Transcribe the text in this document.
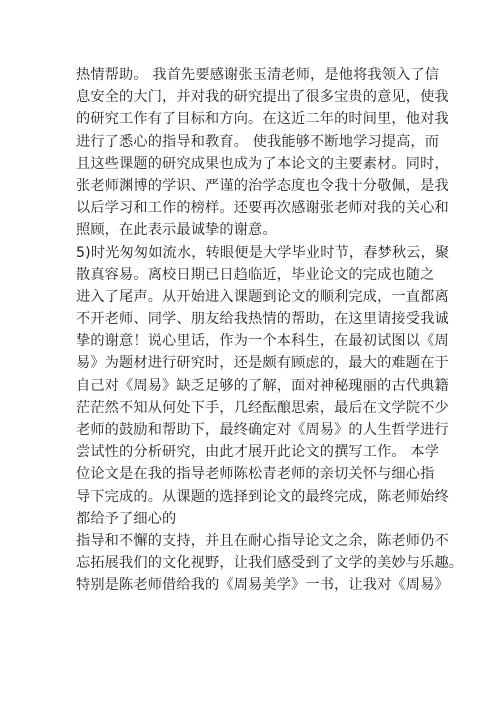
热情帮助。 我首先要感谢张玉清老师，是他将我领入了信
息安全的大门，并对我的研究提出了很多宝贵的意见，使我
的研究工作有了目标和方向。在这近二年的时间里，他对我
进行了悉心的指导和教育。 使我能够不断地学习提高，而
且这些课题的研究成果也成为了本论文的主要素材。同时，
张老师渊博的学识、严谨的治学态度也令我十分敬佩，是我
以后学习和工作的榜样。还要再次感谢张老师对我的关心和
照顾，在此表示最诚挚的谢意。
5)时光匆匆如流水，转眼便是大学毕业时节，春梦秋云，聚
散真容易。离校日期已日趋临近，毕业论文的完成也随之
进入了尾声。从开始进入课题到论文的顺利完成，一直都离
不开老师、同学、朋友给我热情的帮助，在这里请接受我诚
挚的谢意！说心里话，作为一个本科生，在最初试图以《周
易》为题材进行研究时，还是颇有顾虑的，最大的难题在于
自己对《周易》缺乏足够的了解，面对神秘瑰丽的古代典籍
茫茫然不知从何处下手，几经酝酿思索，最后在文学院不少
老师的鼓励和帮助下，最终确定对《周易》的人生哲学进行
尝试性的分析研究，由此才展开此论文的撰写工作。 本学
位论文是在我的指导老师陈松青老师的亲切关怀与细心指
导下完成的。从课题的选择到论文的最终完成，陈老师始终
都给予了细心的
指导和不懈的支持，并且在耐心指导论文之余，陈老师仍不
忘拓展我们的文化视野，让我们感受到了文学的美妙与乐趣。
特别是陈老师借给我的《周易美学》一书，让我对《周易》
